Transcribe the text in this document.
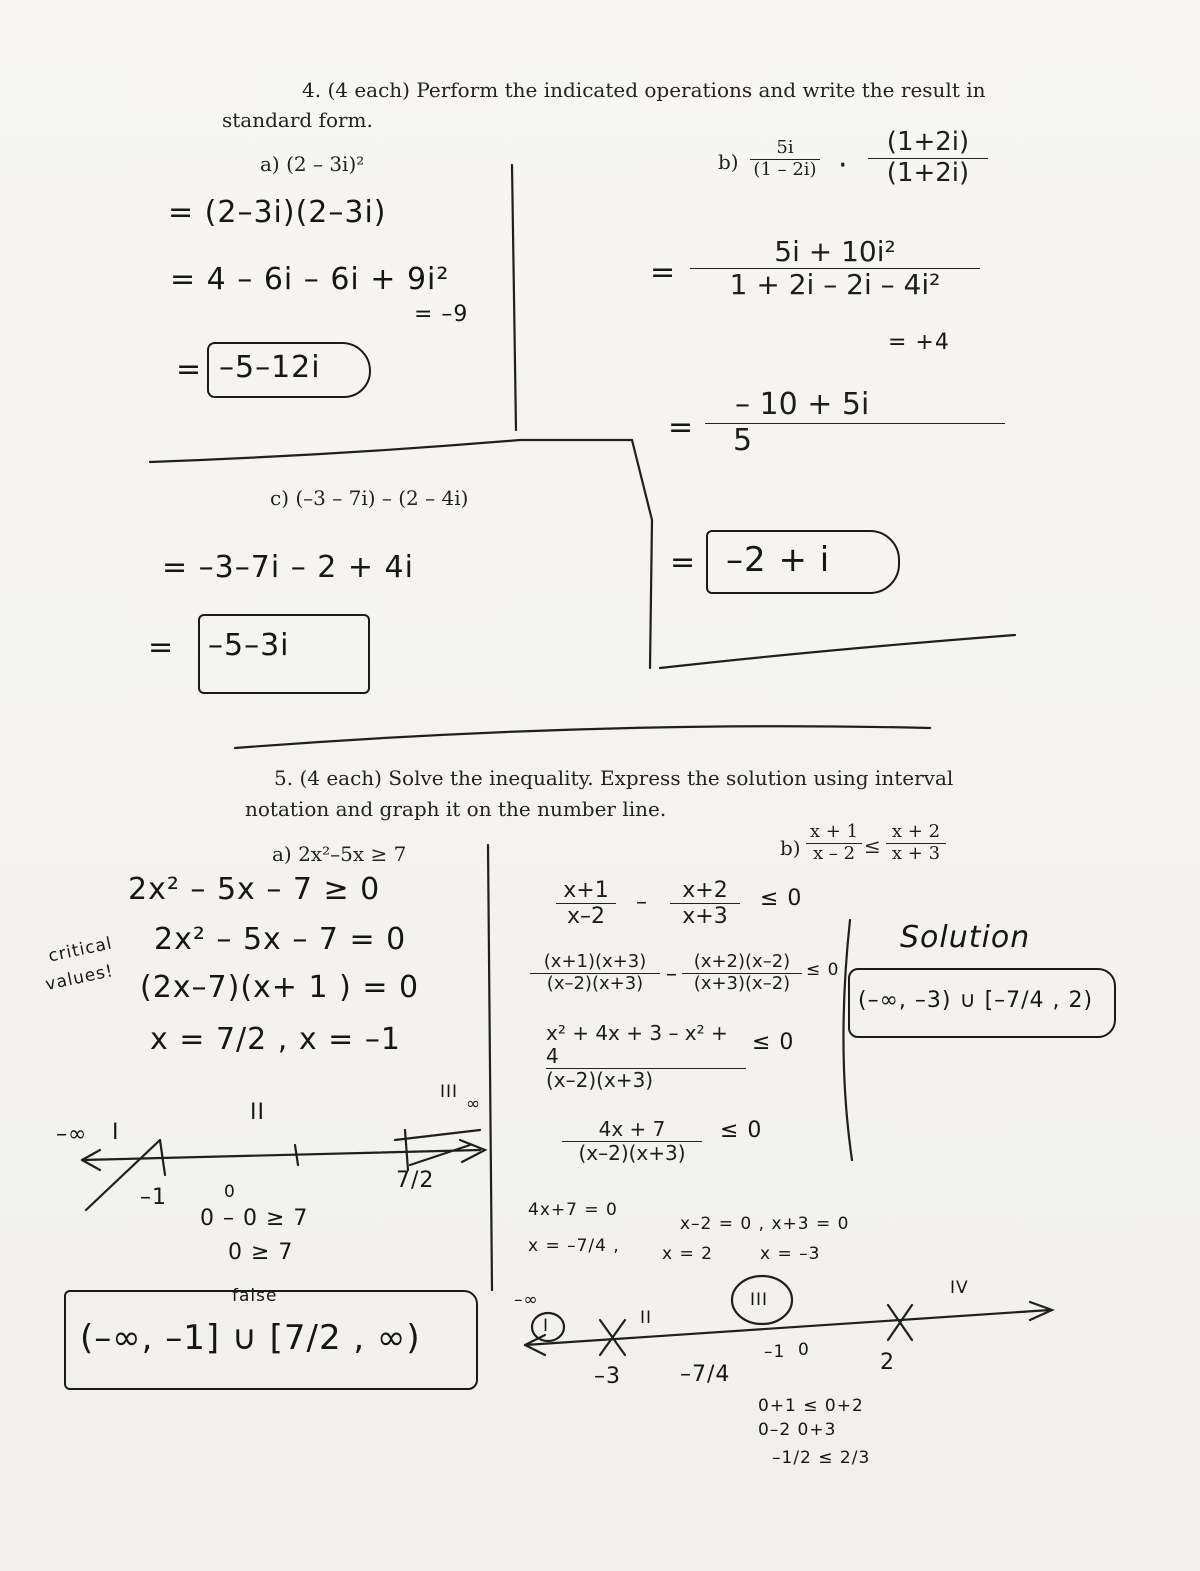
4. (4 each) Perform the indicated operations and write the result in
standard form.
a) (2 – 3i)²
= (2–3i)(2–3i)
= 4 – 6i – 6i + 9i²
= –9
= –5–12i
$b) \frac{5i}{(1 - 2i)} \cdot \frac{(1+2i)}{(1+2i)}$
= $\frac{\text{5i + 10i²}}{\text{1 + 2i – 2i – 4i²}}$
= +4
= $\frac{- 10 + 5i}{5}$
= –2 + i
c) (–3 – 7i) – (2 – 4i)
= –3–7i – 2 + 4i
= –5–3i
5. (4 each) Solve the inequality. Express the solution using interval
notation and graph it on the number line.
a) 2x²–5x ≥ 7
2x² – 5x – 7 ≥ 0
2x² – 5x – 7 = 0
critical
values! (2x–7)(x+ 1 ) = 0
x = 7/2 , x = –1
–∞ I
II
III
∞
–1	0	7/2
0 – 0 ≥ 7
0 ≥ 7
false
(–∞, –1] ∪ [7/2 , ∞)
$b) \frac{x + 1}{x - 2} \le \frac{x + 2}{x + 3}$
$\frac{x+1}{x-2} - \frac{x+2}{x+3} \le 0$
$\frac{(x+1)(x+3)}{(x-2)(x+3)} - \frac{(x+2)(x-2)}{(x+3)(x-2)} \le 0$
$\frac{\text{x² + 4x + 3 – x² + 4}}{(x-2)(x+3)} \le 0$
$\frac{4x + 7}{(x-2)(x+3)} \le 0$
4x+7 = 0
x = –7/4 ,
x–2 = 0 , x+3 = 0
x = 2	x = –3
–∞
I	II
III
IV
–3	–7/4
–1 0	2
0+1 ≤ 0+2
0–2 0+3
–1/2 ≤ 2/3
Solution
(–∞, –3) ∪ [–7/4 , 2)
